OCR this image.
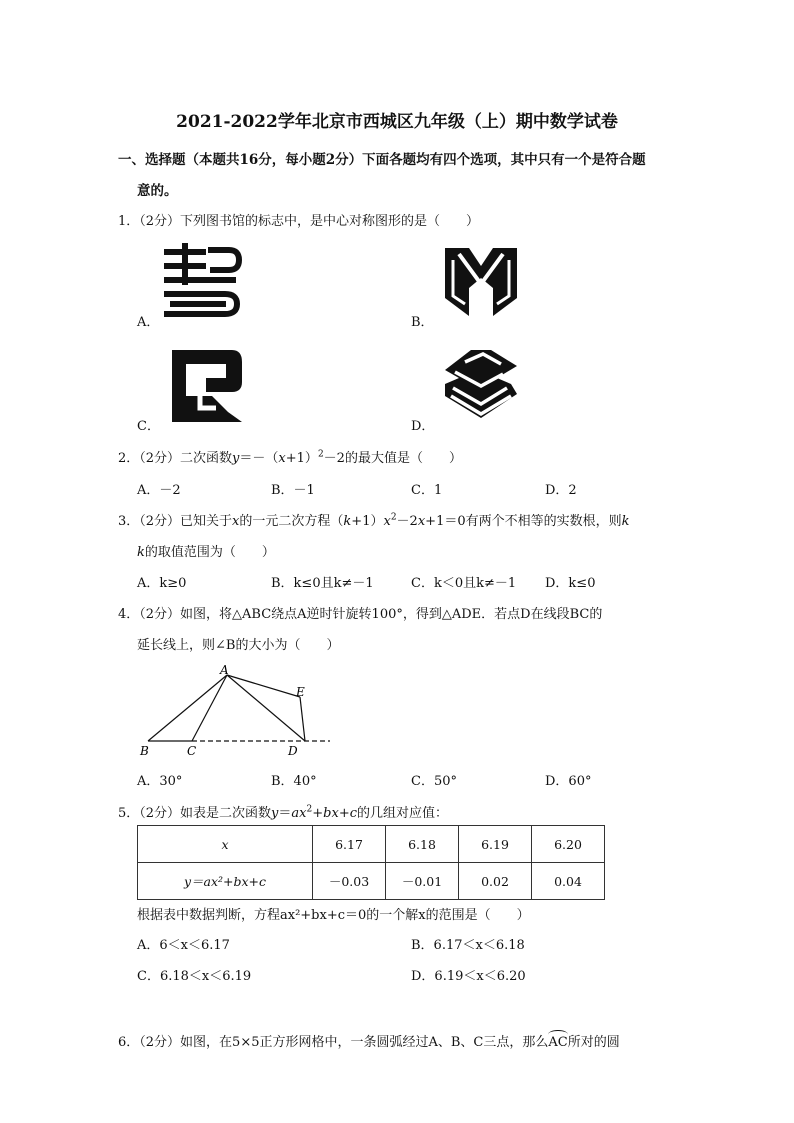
2021-2022学年北京市西城区九年级（上）期中数学试卷
一、选择题（本题共16分，每小题2分）下面各题均有四个选项，其中只有一个是符合题
意的。
1．（2分）下列图书馆的标志中，是中心对称图形的是（　　）
A．	B．
C．	D．
2．（2分）二次函数$y=-(x+1)^2-2$的最大值是（　　）
A．－2	B．－1	C．1	D．2
3．（2分）已知关于x的一元二次方程$(k+1)x^2-2x+1=0$有两个不相等的实数根，则k
k的取值范围为（　　）
A．k≥0	B．k≤0且k≠－1	C．k＜0且k≠－1 D．k≤0
4．（2分）如图，将△ABC绕点A逆时针旋转100°，得到△ADE．若点D在线段BC的
延长线上，则∠B的大小为（　　）
A
B	C	D
E
A．30°	B．40°	C．50°	D．60°
5．（2分）如表是二次函数$y=ax^2+bx+c$的几组对应值：
x	6.17	6.18	6.19	6.20
y＝ax²+bx+c	－0.03	－0.01	0.02	0.04
根据表中数据判断，方程ax²+bx+c＝0的一个解x的范围是（　　）
A．6＜x＜6.17	B．6.17＜x＜6.18
C．6.18＜x＜6.19	D．6.19＜x＜6.20
6．（2分）如图，在5×5正方形网格中，一条圆弧经过A、B、C三点，那么AC所对的圆
